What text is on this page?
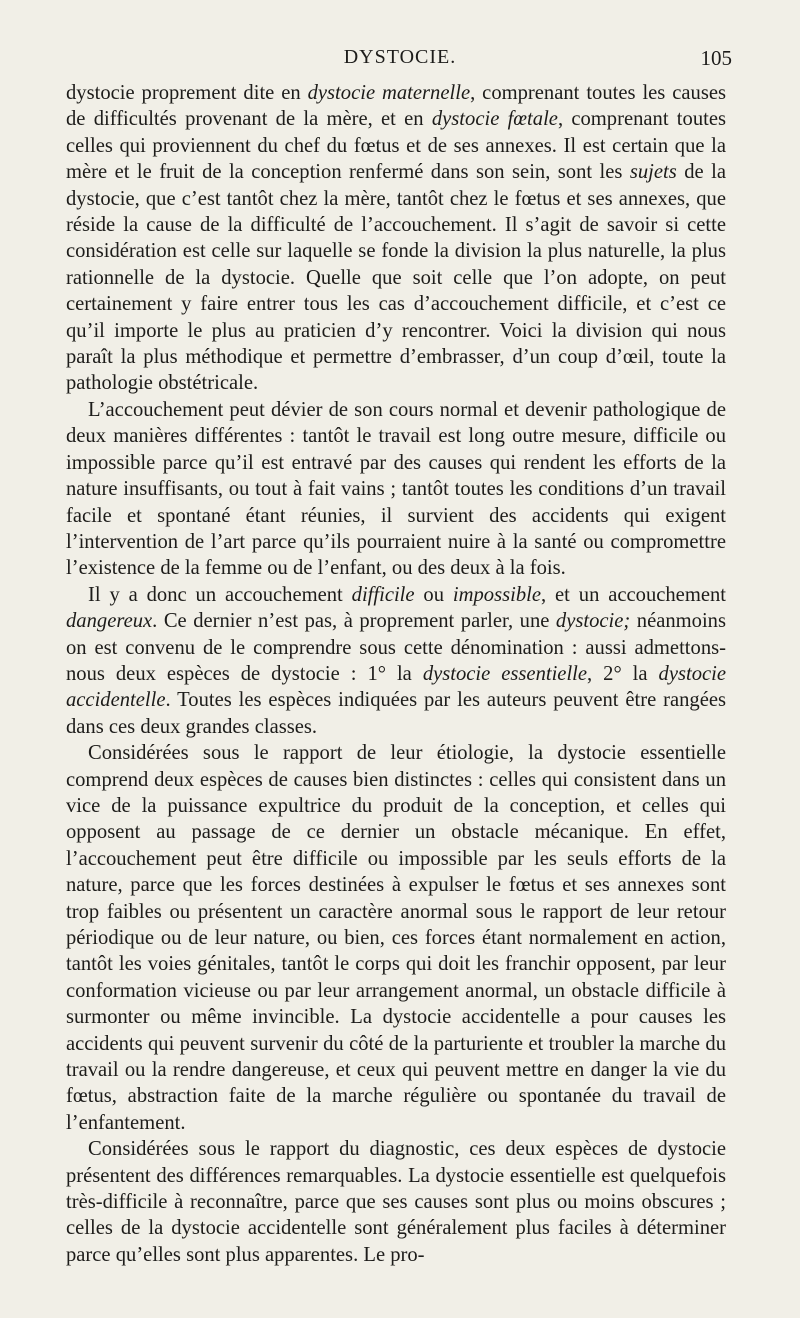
DYSTOCIE.	105

dystocie proprement dite en dystocie maternelle, comprenant toutes les causes de difficultés provenant de la mère, et en dystocie fœtale, comprenant toutes celles qui proviennent du chef du fœtus et de ses annexes. Il est certain que la mère et le fruit de la conception renfermé dans son sein, sont les sujets de la dystocie, que c’est tantôt chez la mère, tantôt chez le fœtus et ses annexes, que réside la cause de la difficulté de l’accouchement. Il s’agit de savoir si cette considération est celle sur laquelle se fonde la division la plus naturelle, la plus rationnelle de la dystocie. Quelle que soit celle que l’on adopte, on peut certainement y faire entrer tous les cas d’accouchement difficile, et c’est ce qu’il importe le plus au praticien d’y rencontrer. Voici la division qui nous paraît la plus méthodique et permettre d’embrasser, d’un coup d’œil, toute la pathologie obstétricale.

L’accouchement peut dévier de son cours normal et devenir pathologique de deux manières différentes : tantôt le travail est long outre mesure, difficile ou impossible parce qu’il est entravé par des causes qui rendent les efforts de la nature insuffisants, ou tout à fait vains ; tantôt toutes les conditions d’un travail facile et spontané étant réunies, il survient des accidents qui exigent l’intervention de l’art parce qu’ils pourraient nuire à la santé ou compromettre l’existence de la femme ou de l’enfant, ou des deux à la fois.

Il y a donc un accouchement difficile ou impossible, et un accouchement dangereux. Ce dernier n’est pas, à proprement parler, une dystocie; néanmoins on est convenu de le comprendre sous cette dénomination : aussi admettons-nous deux espèces de dystocie : 1° la dystocie essentielle, 2° la dystocie accidentelle. Toutes les espèces indiquées par les auteurs peuvent être rangées dans ces deux grandes classes.

Considérées sous le rapport de leur étiologie, la dystocie essentielle comprend deux espèces de causes bien distinctes : celles qui consistent dans un vice de la puissance expultrice du produit de la conception, et celles qui opposent au passage de ce dernier un obstacle mécanique. En effet, l’accouchement peut être difficile ou impossible par les seuls efforts de la nature, parce que les forces destinées à expulser le fœtus et ses annexes sont trop faibles ou présentent un caractère anormal sous le rapport de leur retour périodique ou de leur nature, ou bien, ces forces étant normalement en action, tantôt les voies génitales, tantôt le corps qui doit les franchir opposent, par leur conformation vicieuse ou par leur arrangement anormal, un obstacle difficile à surmonter ou même invincible. La dystocie accidentelle a pour causes les accidents qui peuvent survenir du côté de la parturiente et troubler la marche du travail ou la rendre dangereuse, et ceux qui peuvent mettre en danger la vie du fœtus, abstraction faite de la marche régulière ou spontanée du travail de l’enfantement.

Considérées sous le rapport du diagnostic, ces deux espèces de dystocie présentent des différences remarquables. La dystocie essentielle est quelquefois très-difficile à reconnaître, parce que ses causes sont plus ou moins obscures ; celles de la dystocie accidentelle sont généralement plus faciles à déterminer parce qu’elles sont plus apparentes. Le pro-
